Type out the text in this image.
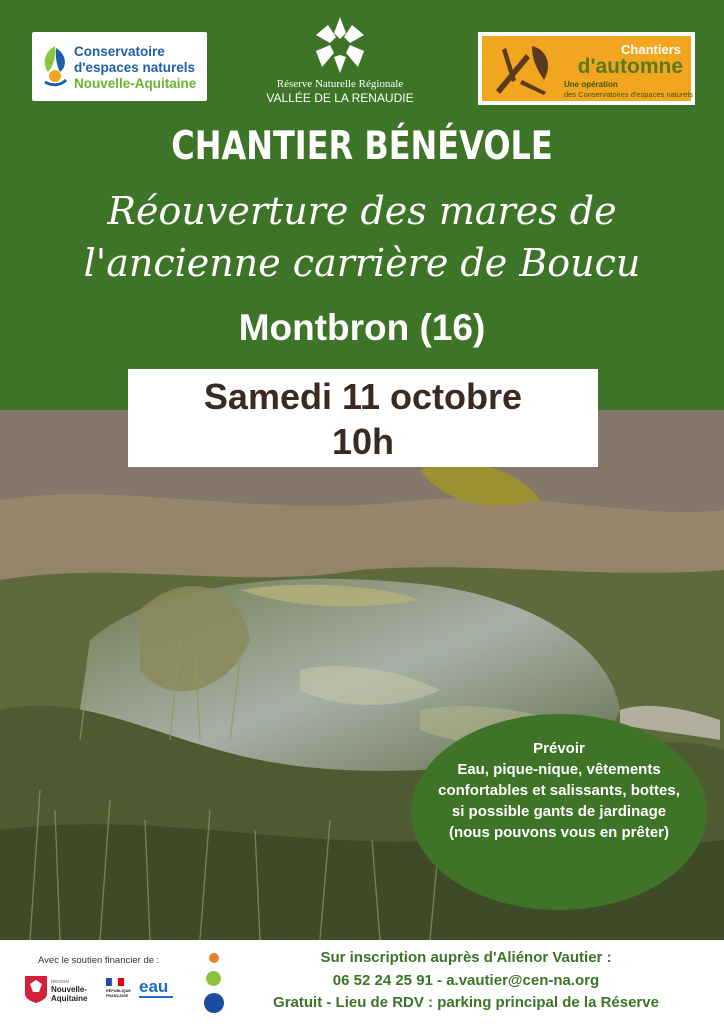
Conservatoire
d'espaces naturels
Nouvelle-Aquitaine	Réserve Naturelle Régionale
VALLÉE DE LA RENAUDIE
Chantiers
d'automne
Une opération
des Conservatoires d'espaces naturels
CHANTIER BÉNÉVOLE
Réouverture des mares de
l'ancienne carrière de Boucu
Montbron (16)
Samedi 11 octobre
10h
Prévoir
Eau, pique-nique, vêtements confortables et salissants, bottes, si possible gants de jardinage (nous pouvons vous en prêter)
Avec le soutien financier de :
RÉGION
Nouvelle-
Aquitaine
RÉPUBLIQUE
FRANÇAISE eau
Sur inscription auprès d'Aliénor Vautier :
06 52 24 25 91 - a.vautier@cen-na.org
Gratuit - Lieu de RDV : parking principal de la Réserve
